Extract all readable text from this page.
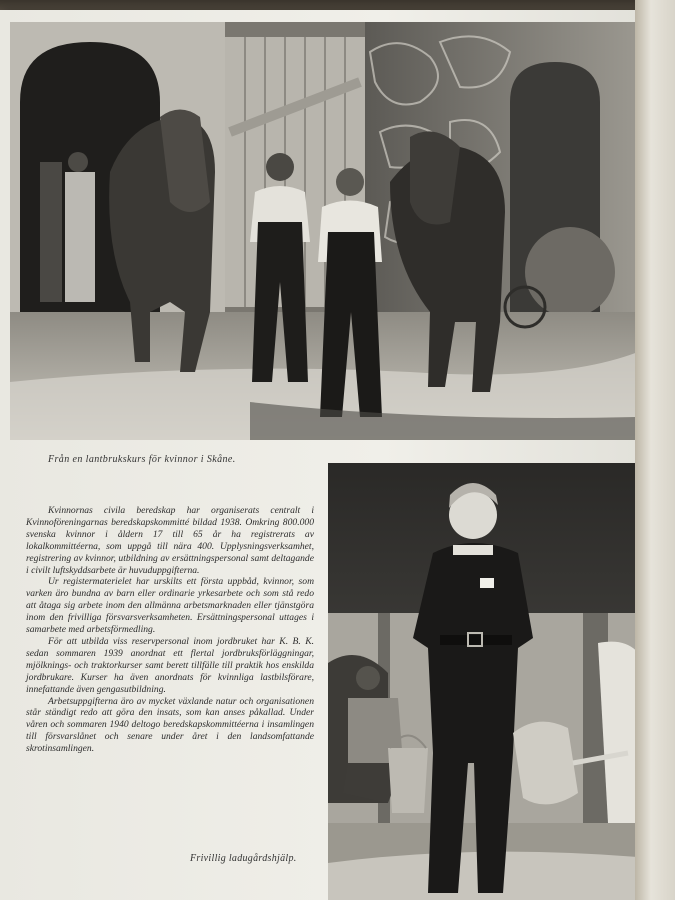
Från en lantbrukskurs för kvinnor i Skåne.

Kvinnornas civila beredskap har organiserats centralt i Kvinnoföreningarnas beredskapskommitté bildad 1938. Omkring 800.000 svenska kvinnor i åldern 17 till 65 år ha registrerats av lokalkommittéerna, som uppgå till nära 400. Upplysningsverksamhet, registrering av kvinnor, utbildning av ersättningspersonal samt deltagande i civilt luftskyddsarbete är huvuduppgifterna.

Ur registermaterielet har urskilts ett första uppbåd, kvinnor, som varken äro bundna av barn eller ordinarie yrkesarbete och som stå redo att åtaga sig arbete inom den allmänna arbetsmarknaden eller tjänstgöra inom den frivilliga försvarsverksamheten. Ersättningspersonal uttages i samarbete med arbetsförmedling.

För att utbilda viss reservpersonal inom jordbruket har K. B. K. sedan sommaren 1939 anordnat ett flertal jordbruksförläggningar, mjölknings- och traktorkurser samt berett tillfälle till praktik hos enskilda jordbrukare. Kurser ha även anordnats för kvinnliga lastbilsförare, innefattande även gengasutbildning.

Arbetsuppgifterna äro av mycket växlande natur och organisationen står ständigt redo att göra den insats, som kan anses påkallad. Under våren och sommaren 1940 deltogo beredskapskommittéerna i insamlingen till försvarslånet och senare under året i den landsomfattande skrotinsamlingen.

Frivillig ladugårdshjälp.
